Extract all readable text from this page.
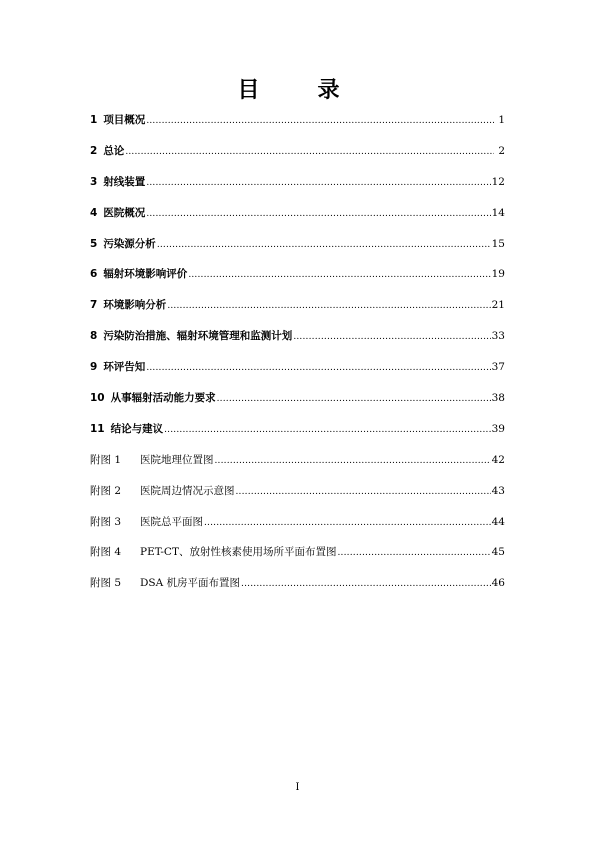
目　录
1 项目概况 .....	1
2 总论 .....	2
3 射线装置 .....	12
4 医院概况 .....	14
5 污染源分析 .....	15
6 辐射环境影响评价 .....	19
7 环境影响分析 .....	21
8 污染防治措施、辐射环境管理和监测计划 .....	33
9 环评告知 .....	37
10 从事辐射活动能力要求 .....	38
11 结论与建议 .....	39
附图 1 医院地理位置图 .....	42
附图 2 医院周边情况示意图 .....	43
附图 3 医院总平面图 .....	44
附图 4 PET-CT、放射性核素使用场所平面布置图 .....	45
附图 5 DSA 机房平面布置图 .....	46
I
